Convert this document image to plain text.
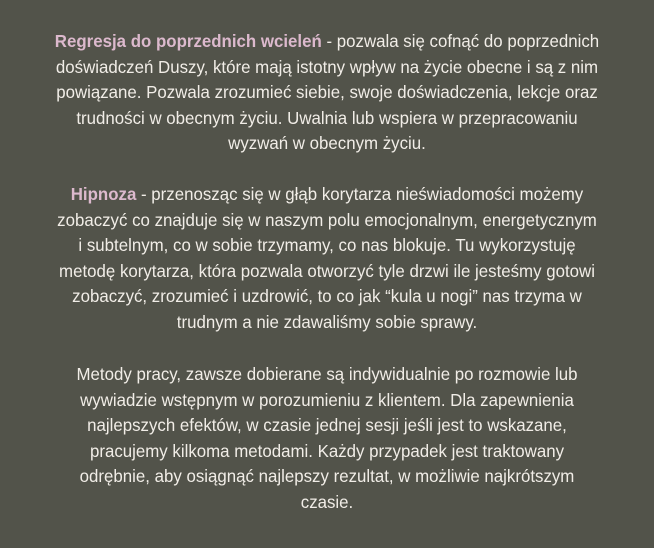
Regresja do poprzednich wcieleń - pozwala się cofnąć do poprzednich
doświadczeń Duszy, które mają istotny wpływ na życie obecne i są z nim
powiązane. Pozwala zrozumieć siebie, swoje doświadczenia, lekcje oraz
trudności w obecnym życiu. Uwalnia lub wspiera w przepracowaniu
wyzwań w obecnym życiu.
Hipnoza - przenosząc się w głąb korytarza nieświadomości możemy
zobaczyć co znajduje się w naszym polu emocjonalnym, energetycznym
i subtelnym, co w sobie trzymamy, co nas blokuje. Tu wykorzystuję
metodę korytarza, która pozwala otworzyć tyle drzwi ile jesteśmy gotowi
zobaczyć, zrozumieć i uzdrowić, to co jak “kula u nogi” nas trzyma w
trudnym a nie zdawaliśmy sobie sprawy.
Metody pracy, zawsze dobierane są indywidualnie po rozmowie lub
wywiadzie wstępnym w porozumieniu z klientem. Dla zapewnienia
najlepszych efektów, w czasie jednej sesji jeśli jest to wskazane,
pracujemy kilkoma metodami. Każdy przypadek jest traktowany
odrębnie, aby osiągnąć najlepszy rezultat, w możliwie najkrótszym
czasie.
